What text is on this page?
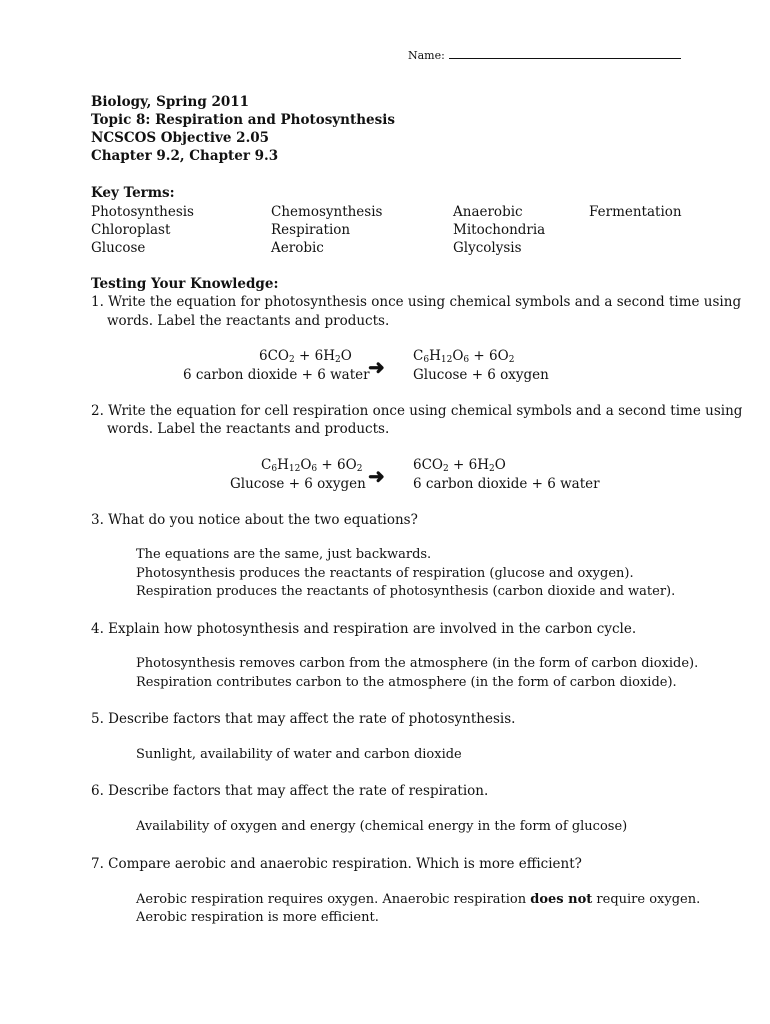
Name:
Biology, Spring 2011
Topic 8: Respiration and Photosynthesis
NCSCOS Objective 2.05
Chapter 9.2, Chapter 9.3
Key Terms:
Photosynthesis
Chloroplast
Glucose
Chemosynthesis
Respiration
Aerobic
Anaerobic
Mitochondria
Glycolysis
Fermentation
Testing Your Knowledge:
1. Write the equation for photosynthesis once using chemical symbols and a second time using
words. Label the reactants and products.
$6CO_2 + 6H_2O$
6 carbon dioxide + 6 water
➜ $C_6H_{12}O_6 + 6O_2$
Glucose + 6 oxygen
2. Write the equation for cell respiration once using chemical symbols and a second time using
words. Label the reactants and products.
$C_6H_{12}O_6 + 6O_2$
Glucose + 6 oxygen ➜ $6CO_2 + 6H_2O$
6 carbon dioxide + 6 water
3. What do you notice about the two equations?
The equations are the same, just backwards.
Photosynthesis produces the reactants of respiration (glucose and oxygen).
Respiration produces the reactants of photosynthesis (carbon dioxide and water).
4. Explain how photosynthesis and respiration are involved in the carbon cycle.
Photosynthesis removes carbon from the atmosphere (in the form of carbon dioxide).
Respiration contributes carbon to the atmosphere (in the form of carbon dioxide).
5. Describe factors that may affect the rate of photosynthesis.
Sunlight, availability of water and carbon dioxide
6. Describe factors that may affect the rate of respiration.
Availability of oxygen and energy (chemical energy in the form of glucose)
7. Compare aerobic and anaerobic respiration. Which is more efficient?
Aerobic respiration requires oxygen. Anaerobic respiration does not require oxygen.
Aerobic respiration is more efficient.
